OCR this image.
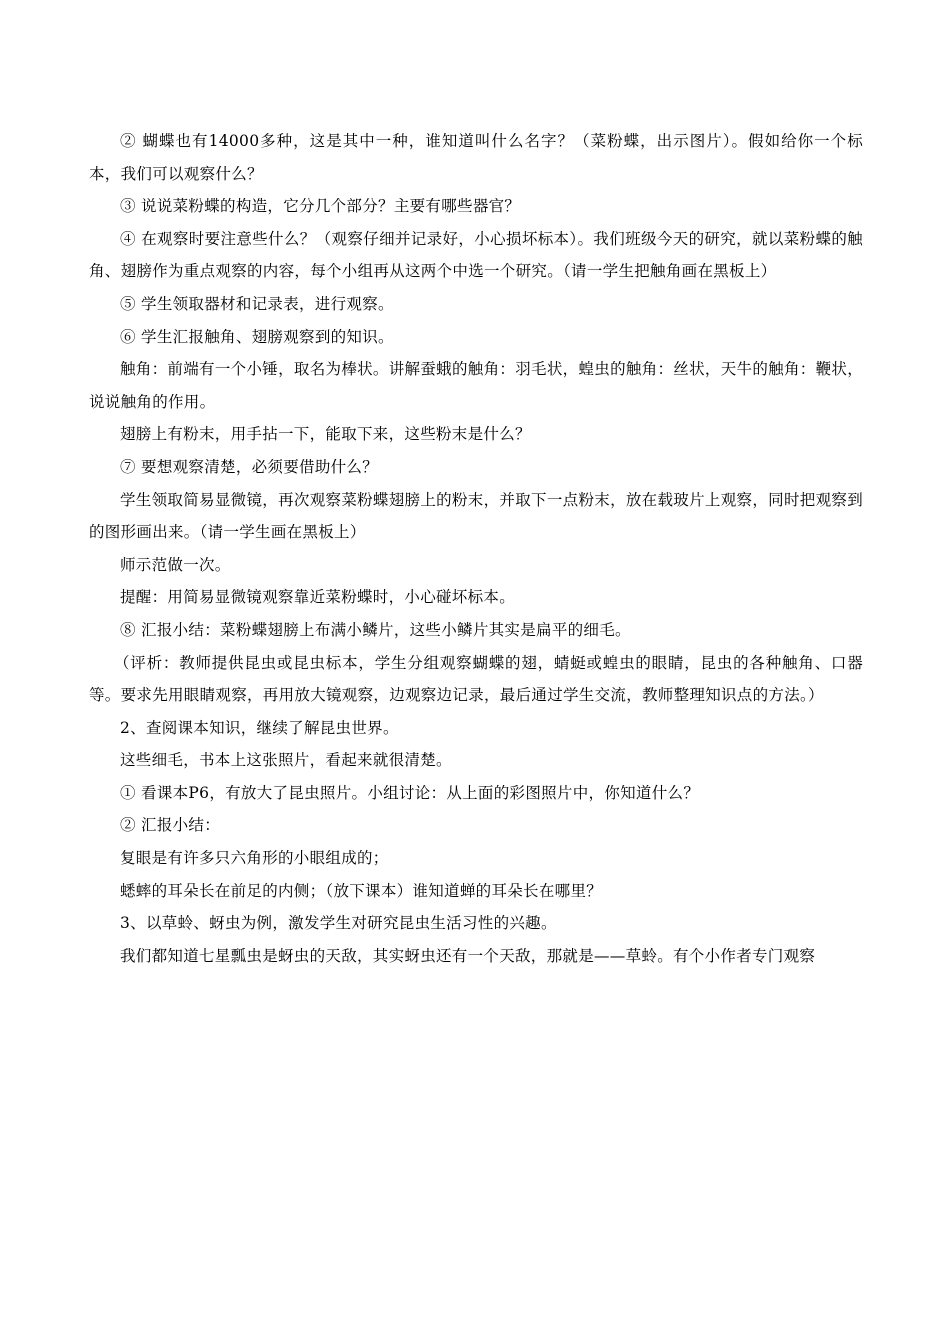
② 蝴蝶也有14000多种，这是其中一种，谁知道叫什么名字？（菜粉蝶，出示图片）。假如给你一个标本，我们可以观察什么？

③ 说说菜粉蝶的构造，它分几个部分？主要有哪些器官？

④ 在观察时要注意些什么？（观察仔细并记录好，小心损坏标本）。我们班级今天的研究，就以菜粉蝶的触角、翅膀作为重点观察的内容，每个小组再从这两个中选一个研究。（请一学生把触角画在黑板上）

⑤ 学生领取器材和记录表，进行观察。

⑥ 学生汇报触角、翅膀观察到的知识。

触角：前端有一个小锤，取名为棒状。讲解蚕蛾的触角：羽毛状，蝗虫的触角：丝状，天牛的触角：鞭状，说说触角的作用。

翅膀上有粉末，用手拈一下，能取下来，这些粉末是什么？

⑦ 要想观察清楚，必须要借助什么？

学生领取简易显微镜，再次观察菜粉蝶翅膀上的粉末，并取下一点粉末，放在载玻片上观察，同时把观察到的图形画出来。（请一学生画在黑板上）

师示范做一次。

提醒：用简易显微镜观察靠近菜粉蝶时，小心碰坏标本。

⑧ 汇报小结：菜粉蝶翅膀上布满小鳞片，这些小鳞片其实是扁平的细毛。

（评析：教师提供昆虫或昆虫标本，学生分组观察蝴蝶的翅，蜻蜓或蝗虫的眼睛，昆虫的各种触角、口器等。要求先用眼睛观察，再用放大镜观察，边观察边记录，最后通过学生交流，教师整理知识点的方法。）

2、查阅课本知识，继续了解昆虫世界。

这些细毛，书本上这张照片，看起来就很清楚。

① 看课本P6，有放大了昆虫照片。小组讨论：从上面的彩图照片中，你知道什么？

② 汇报小结：

复眼是有许多只六角形的小眼组成的；

蟋蟀的耳朵长在前足的内侧；（放下课本）谁知道蝉的耳朵长在哪里？

3、以草蛉、蚜虫为例，激发学生对研究昆虫生活习性的兴趣。

我们都知道七星瓢虫是蚜虫的天敌，其实蚜虫还有一个天敌，那就是——草蛉。有个小作者专门观察
